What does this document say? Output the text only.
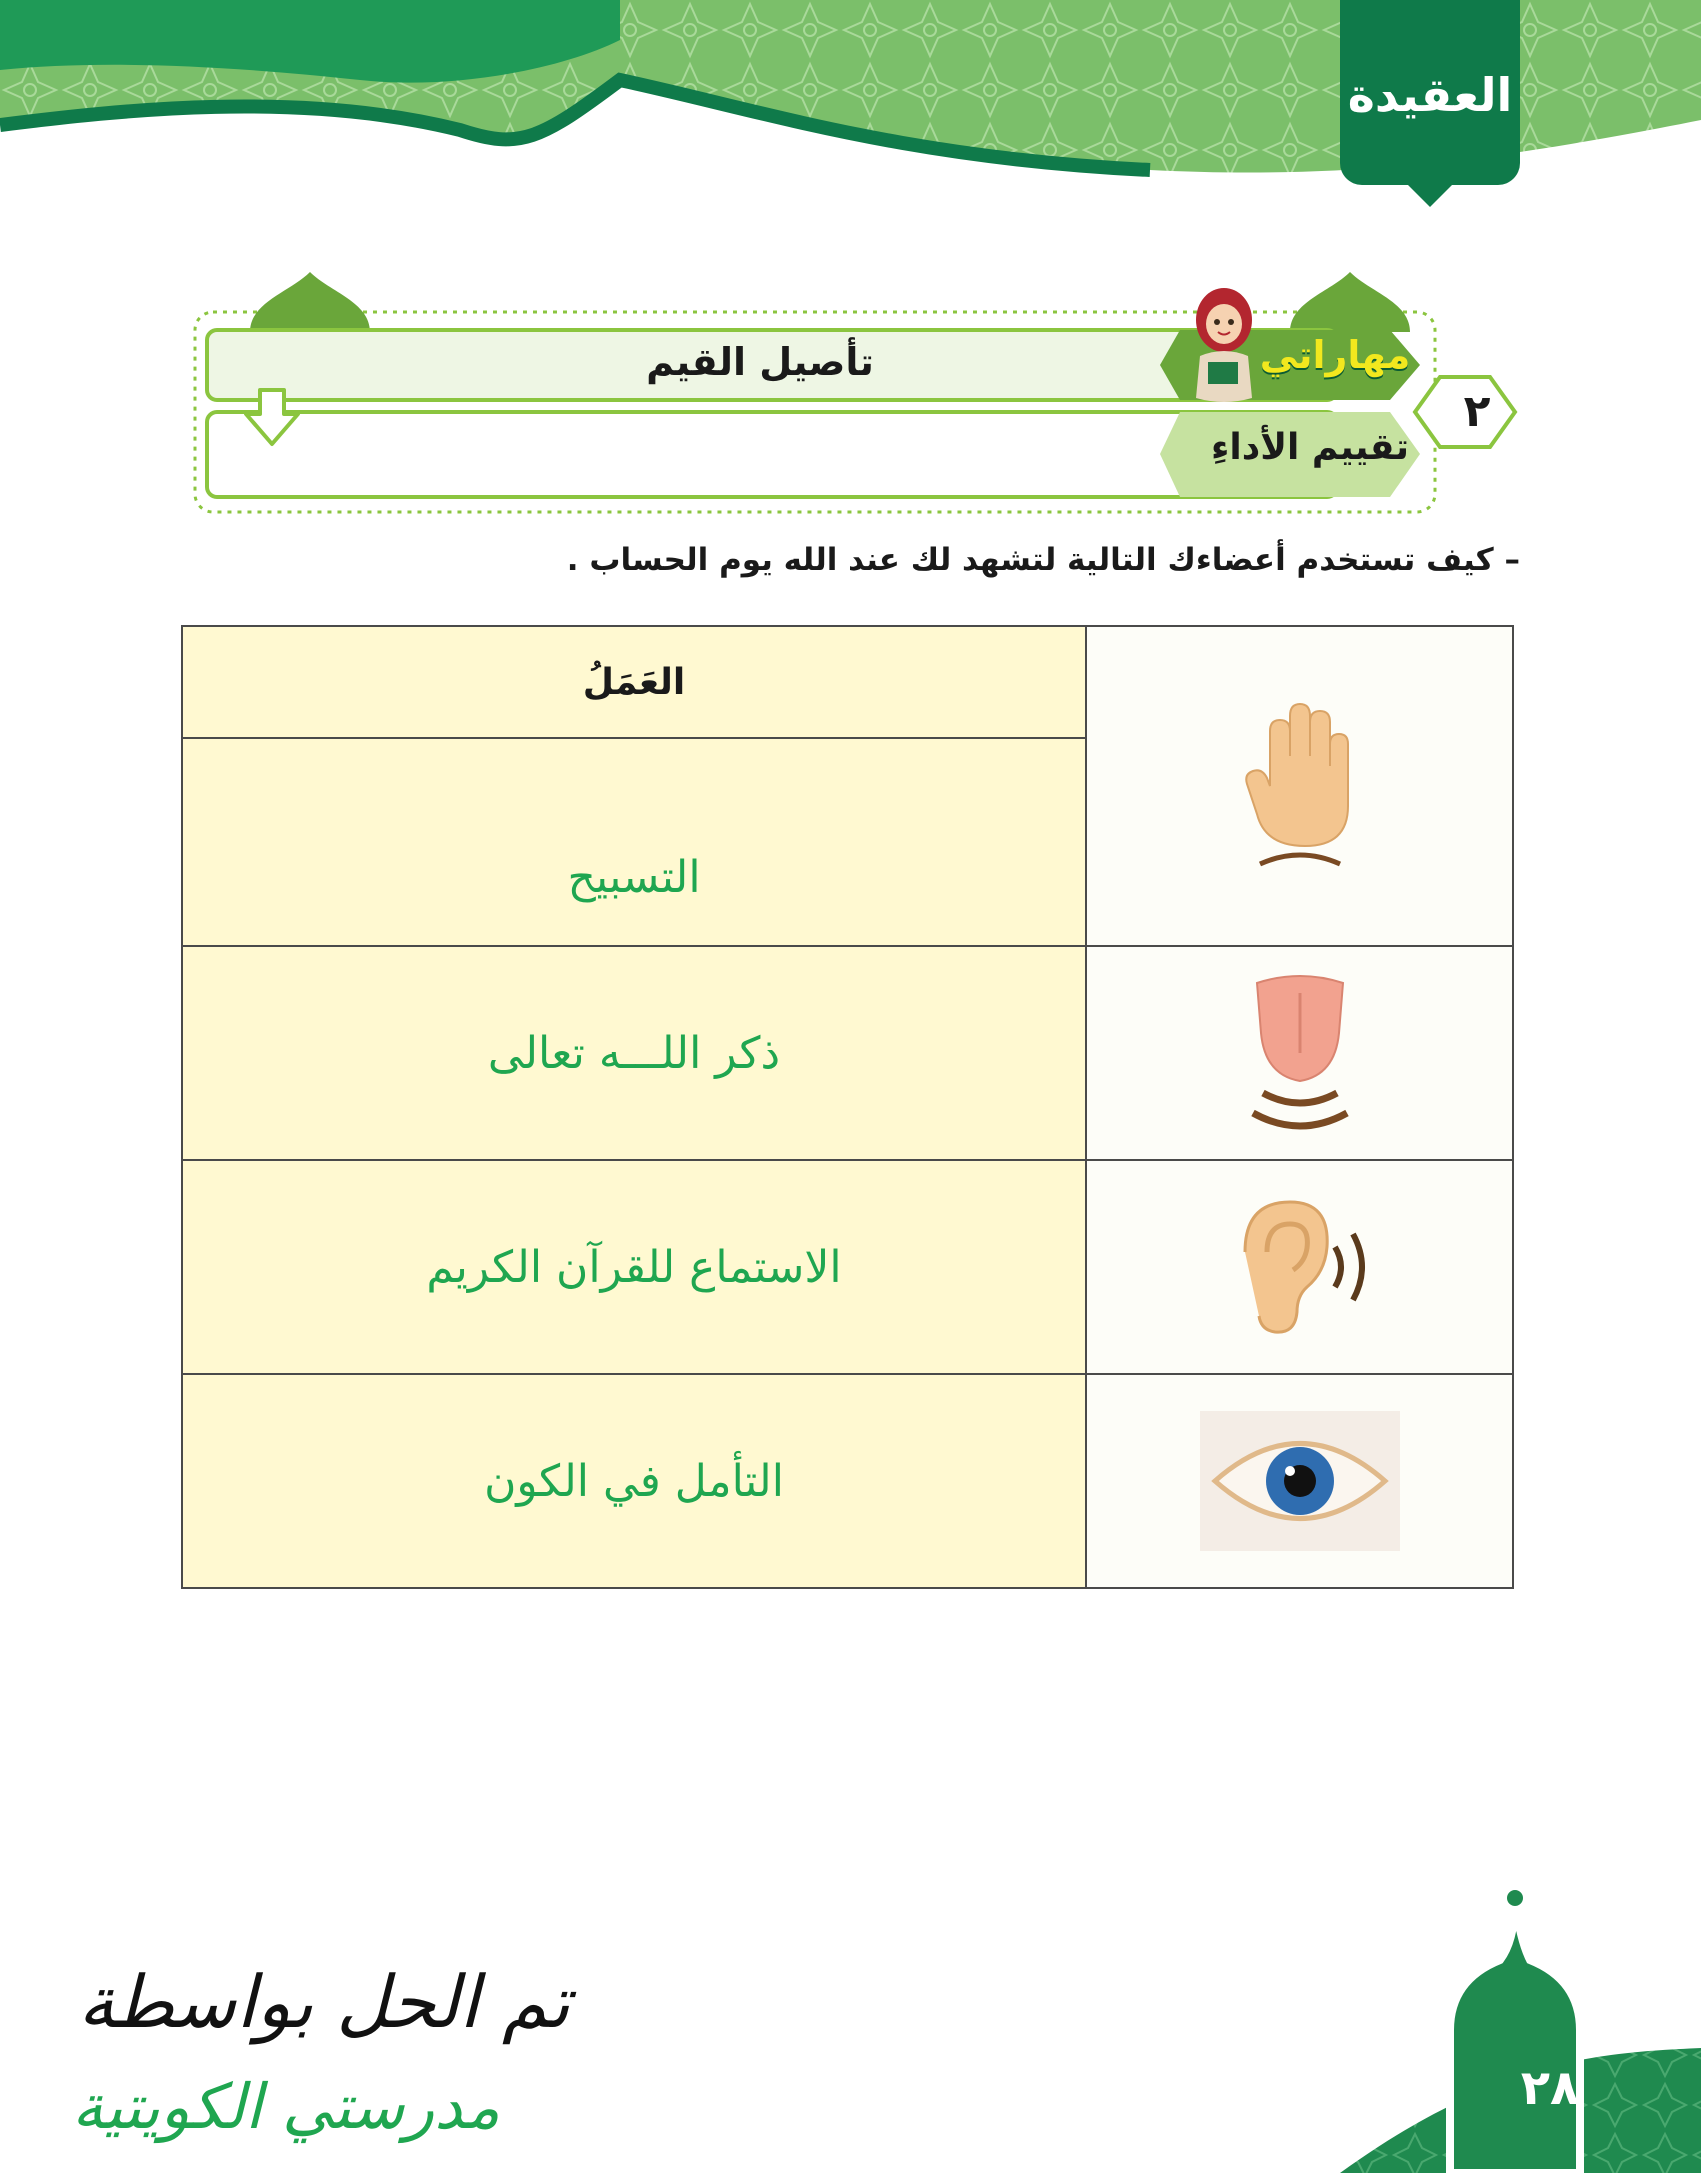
العقيدة
تأصيل القيم	مهاراتي
تقييم الأداءِ
٢
– كيف تستخدم أعضاءك التالية لتشهد لك عند الله يوم الحساب .
	العَمَلُ
	التسبيح
	ذكر اللـــه تعالى
	الاستماع للقرآن الكريم
	التأمل في الكون
٢٨
تم الحل بواسطة
مدرستي الكويتية
